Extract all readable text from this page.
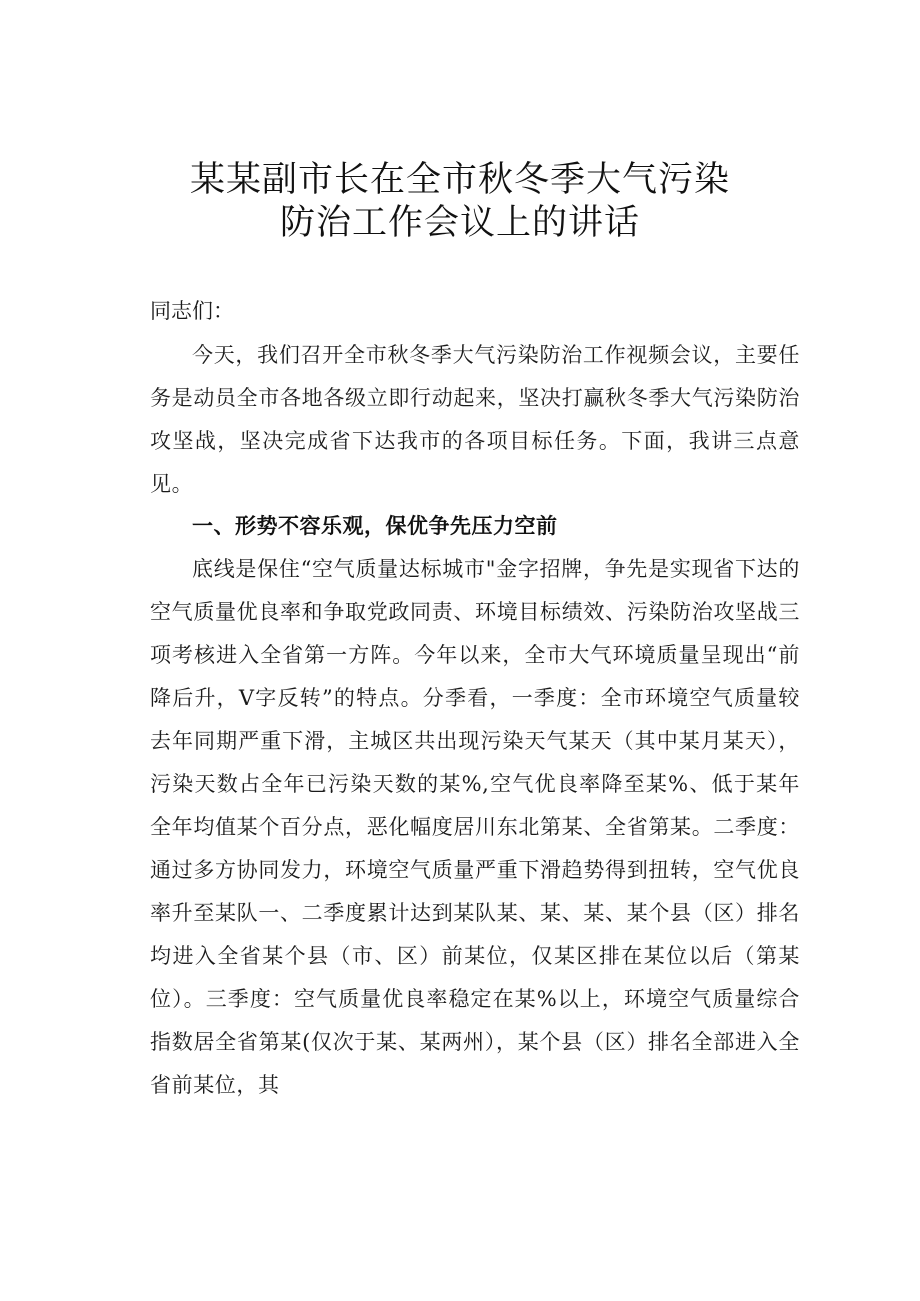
某某副市长在全市秋冬季大气污染
防治工作会议上的讲话
同志们：
今天，我们召开全市秋冬季大气污染防治工作视频会议，主要任务是动员全市各地各级立即行动起来，坚决打赢秋冬季大气污染防治攻坚战，坚决完成省下达我市的各项目标任务。下面，我讲三点意见。
一、形势不容乐观，保优争先压力空前
底线是保住“空气质量达标城市"金字招牌，争先是实现省下达的空气质量优良率和争取党政同责、环境目标绩效、污染防治攻坚战三项考核进入全省第一方阵。今年以来，全市大气环境质量呈现出“前降后升，V字反转”的特点。分季看，一季度：全市环境空气质量较去年同期严重下滑，主城区共出现污染天气某天（其中某月某天），污染天数占全年已污染天数的某%,空气优良率降至某%、低于某年全年均值某个百分点，恶化幅度居川东北第某、全省第某。二季度：通过多方协同发力，环境空气质量严重下滑趋势得到扭转，空气优良率升至某队一、二季度累计达到某队某、某、某、某个县（区）排名均进入全省某个县（市、区）前某位，仅某区排在某位以后（第某位）。三季度：空气质量优良率稳定在某%以上，环境空气质量综合指数居全省第某(仅次于某、某两州），某个县（区）排名全部进入全省前某位，其
